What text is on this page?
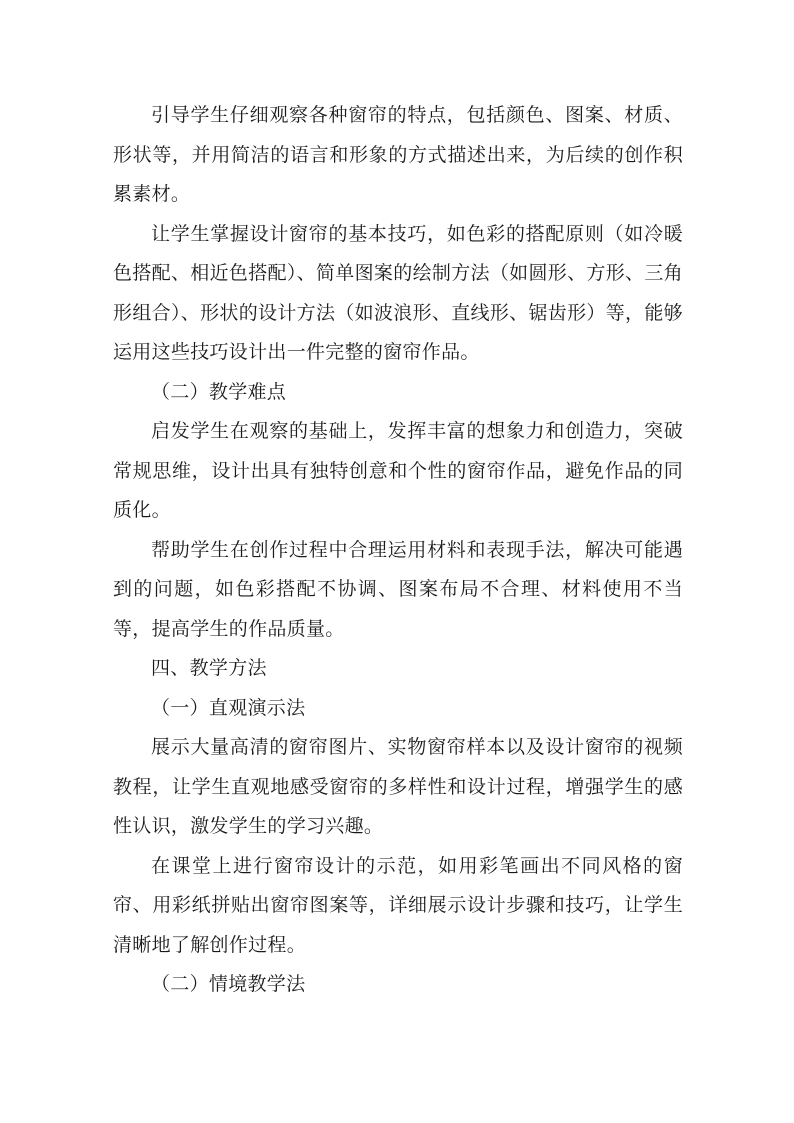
引导学生仔细观察各种窗帘的特点，包括颜色、图案、材质、形状等，并用简洁的语言和形象的方式描述出来，为后续的创作积累素材。

让学生掌握设计窗帘的基本技巧，如色彩的搭配原则（如冷暖色搭配、相近色搭配）、简单图案的绘制方法（如圆形、方形、三角形组合）、形状的设计方法（如波浪形、直线形、锯齿形）等，能够运用这些技巧设计出一件完整的窗帘作品。

（二）教学难点

启发学生在观察的基础上，发挥丰富的想象力和创造力，突破常规思维，设计出具有独特创意和个性的窗帘作品，避免作品的同质化。

帮助学生在创作过程中合理运用材料和表现手法，解决可能遇到的问题，如色彩搭配不协调、图案布局不合理、材料使用不当等，提高学生的作品质量。

四、教学方法

（一）直观演示法

展示大量高清的窗帘图片、实物窗帘样本以及设计窗帘的视频教程，让学生直观地感受窗帘的多样性和设计过程，增强学生的感性认识，激发学生的学习兴趣。

在课堂上进行窗帘设计的示范，如用彩笔画出不同风格的窗帘、用彩纸拼贴出窗帘图案等，详细展示设计步骤和技巧，让学生清晰地了解创作过程。

（二）情境教学法
